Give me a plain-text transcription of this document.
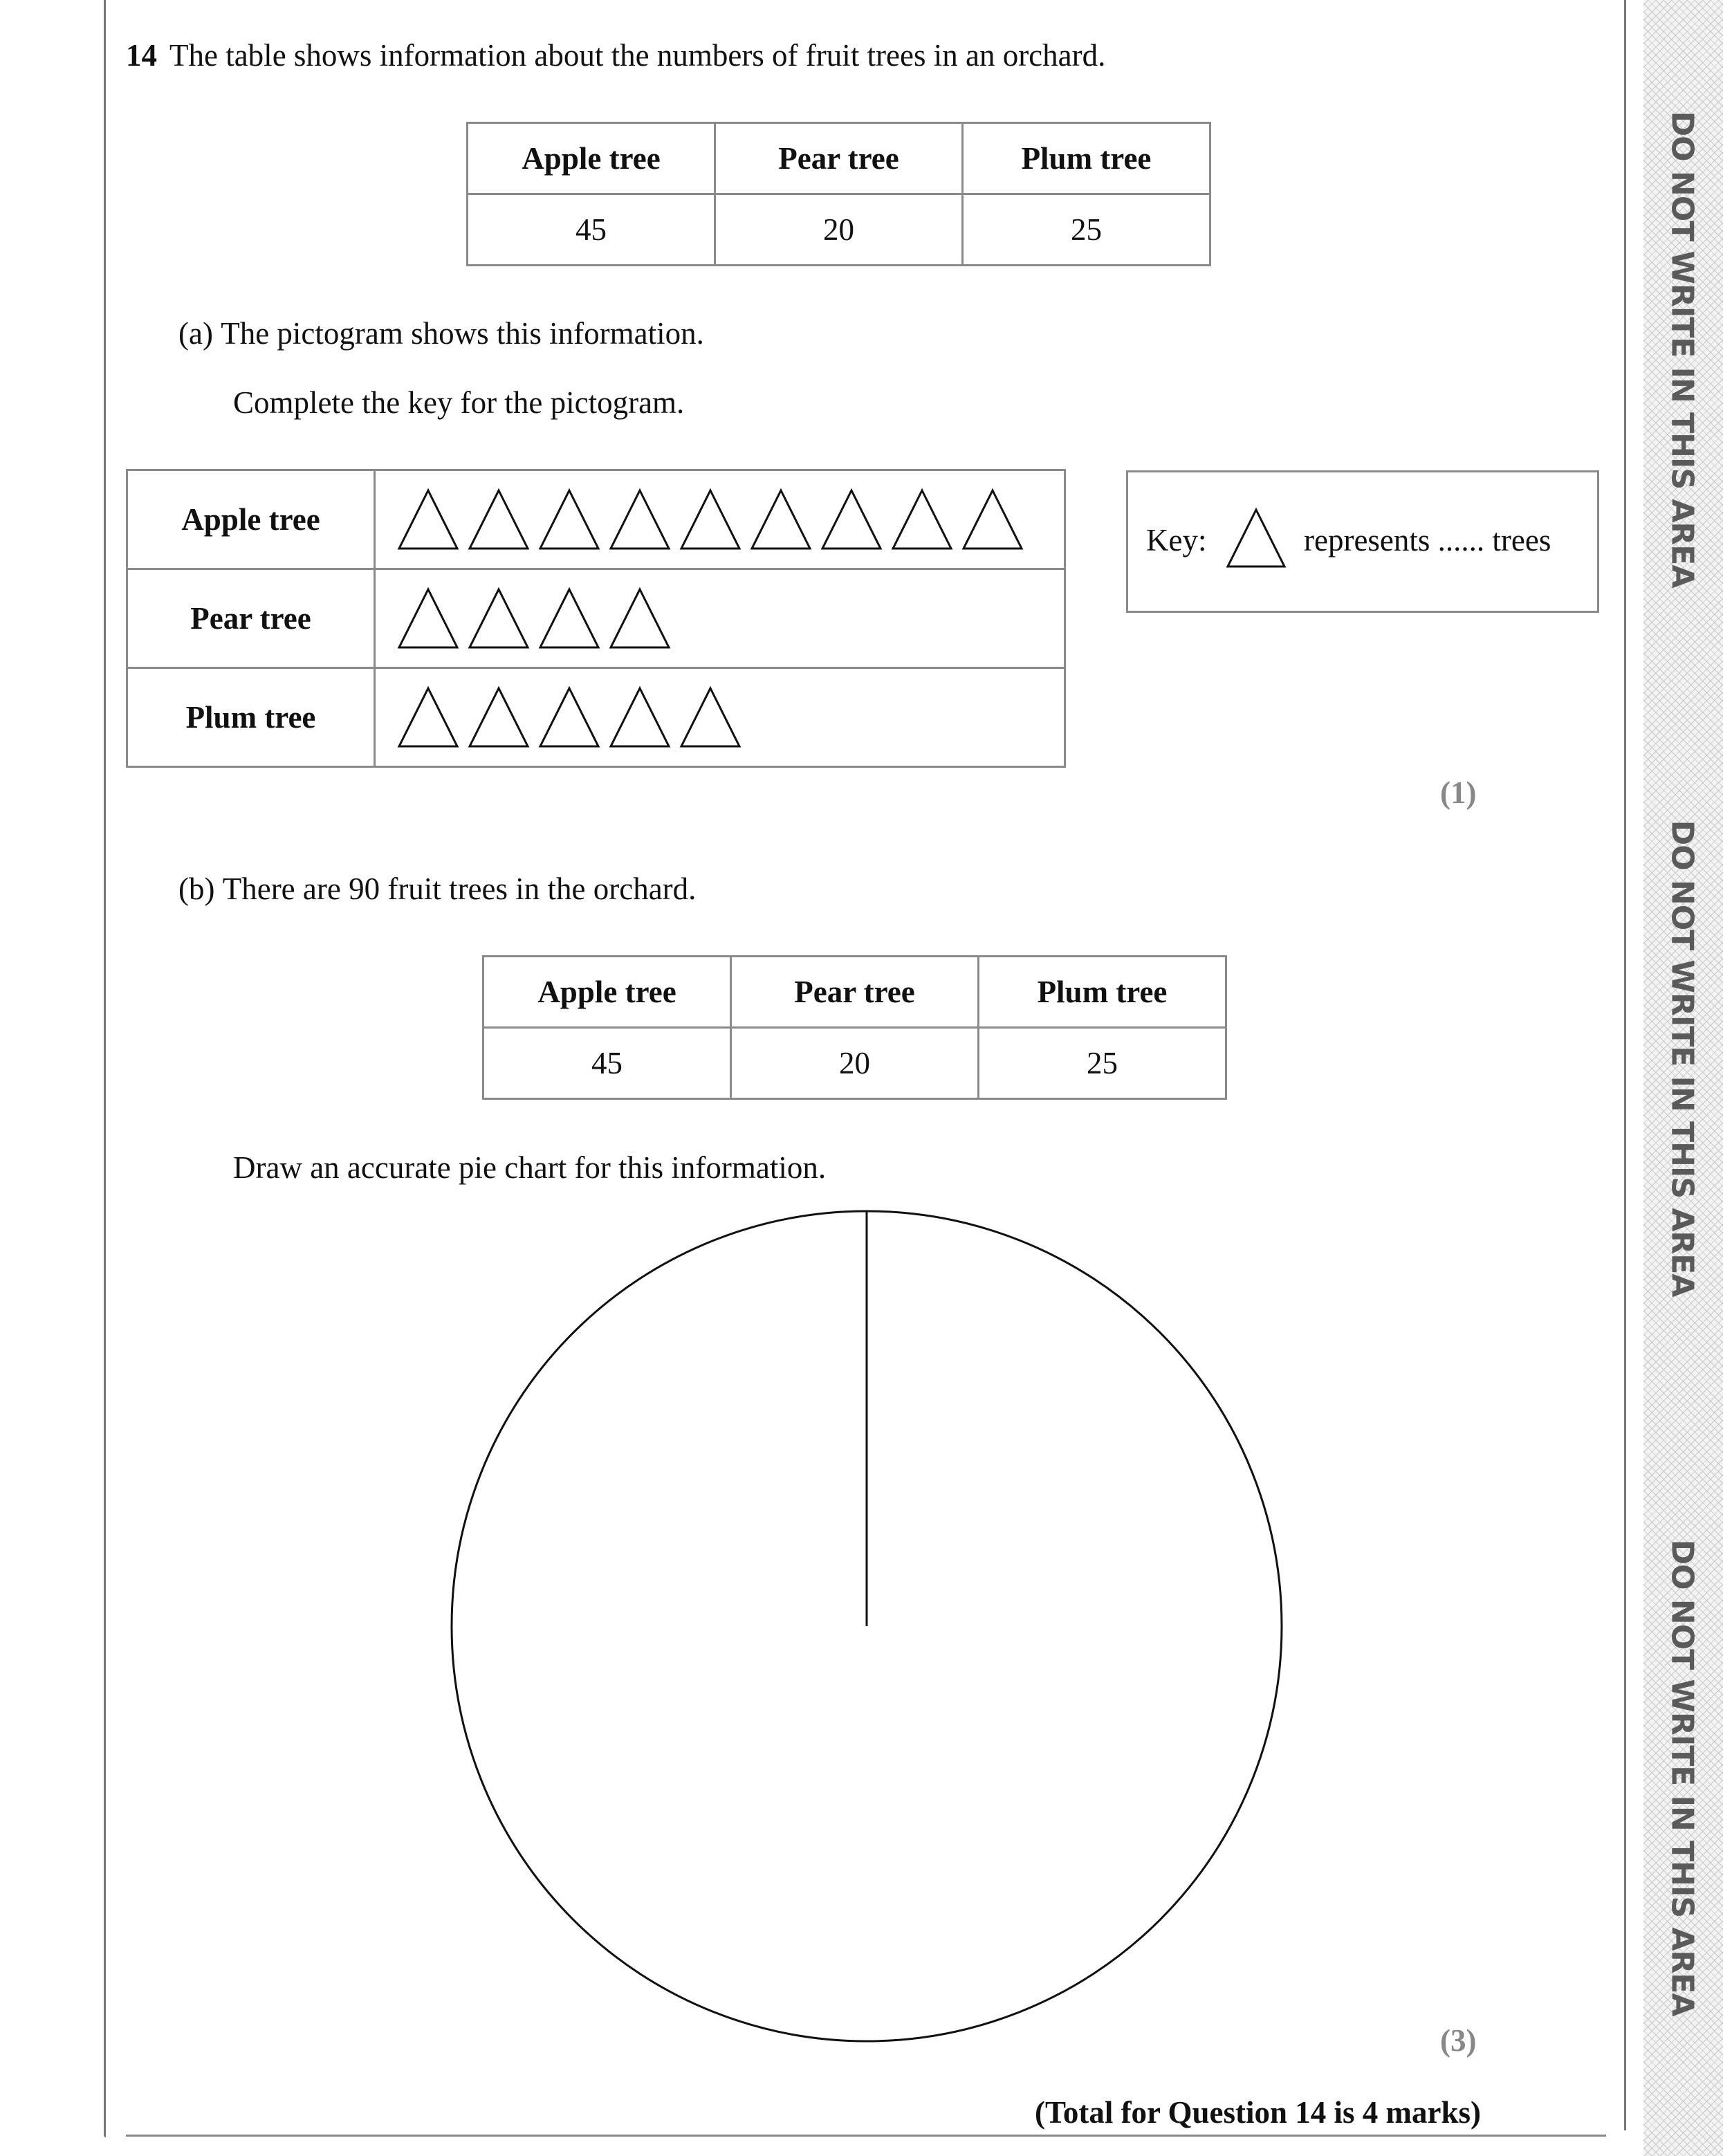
DO NOT WRITE IN THIS AREA
DO NOT WRITE IN THIS AREA
DO NOT WRITE IN THIS AREA
14 The table shows information about the numbers of fruit trees in an orchard.
Apple tree	Pear tree	Plum tree
45	20	25
(a) The pictogram shows this information.
Complete the key for the pictogram.
Apple tree	
Pear tree	
Plum tree	
Key:	represents ...... trees
(1)
(b) There are 90 fruit trees in the orchard.
Apple tree	Pear tree	Plum tree
45	20	25
Draw an accurate pie chart for this information.
(3)
(Total for Question 14 is 4 marks)
